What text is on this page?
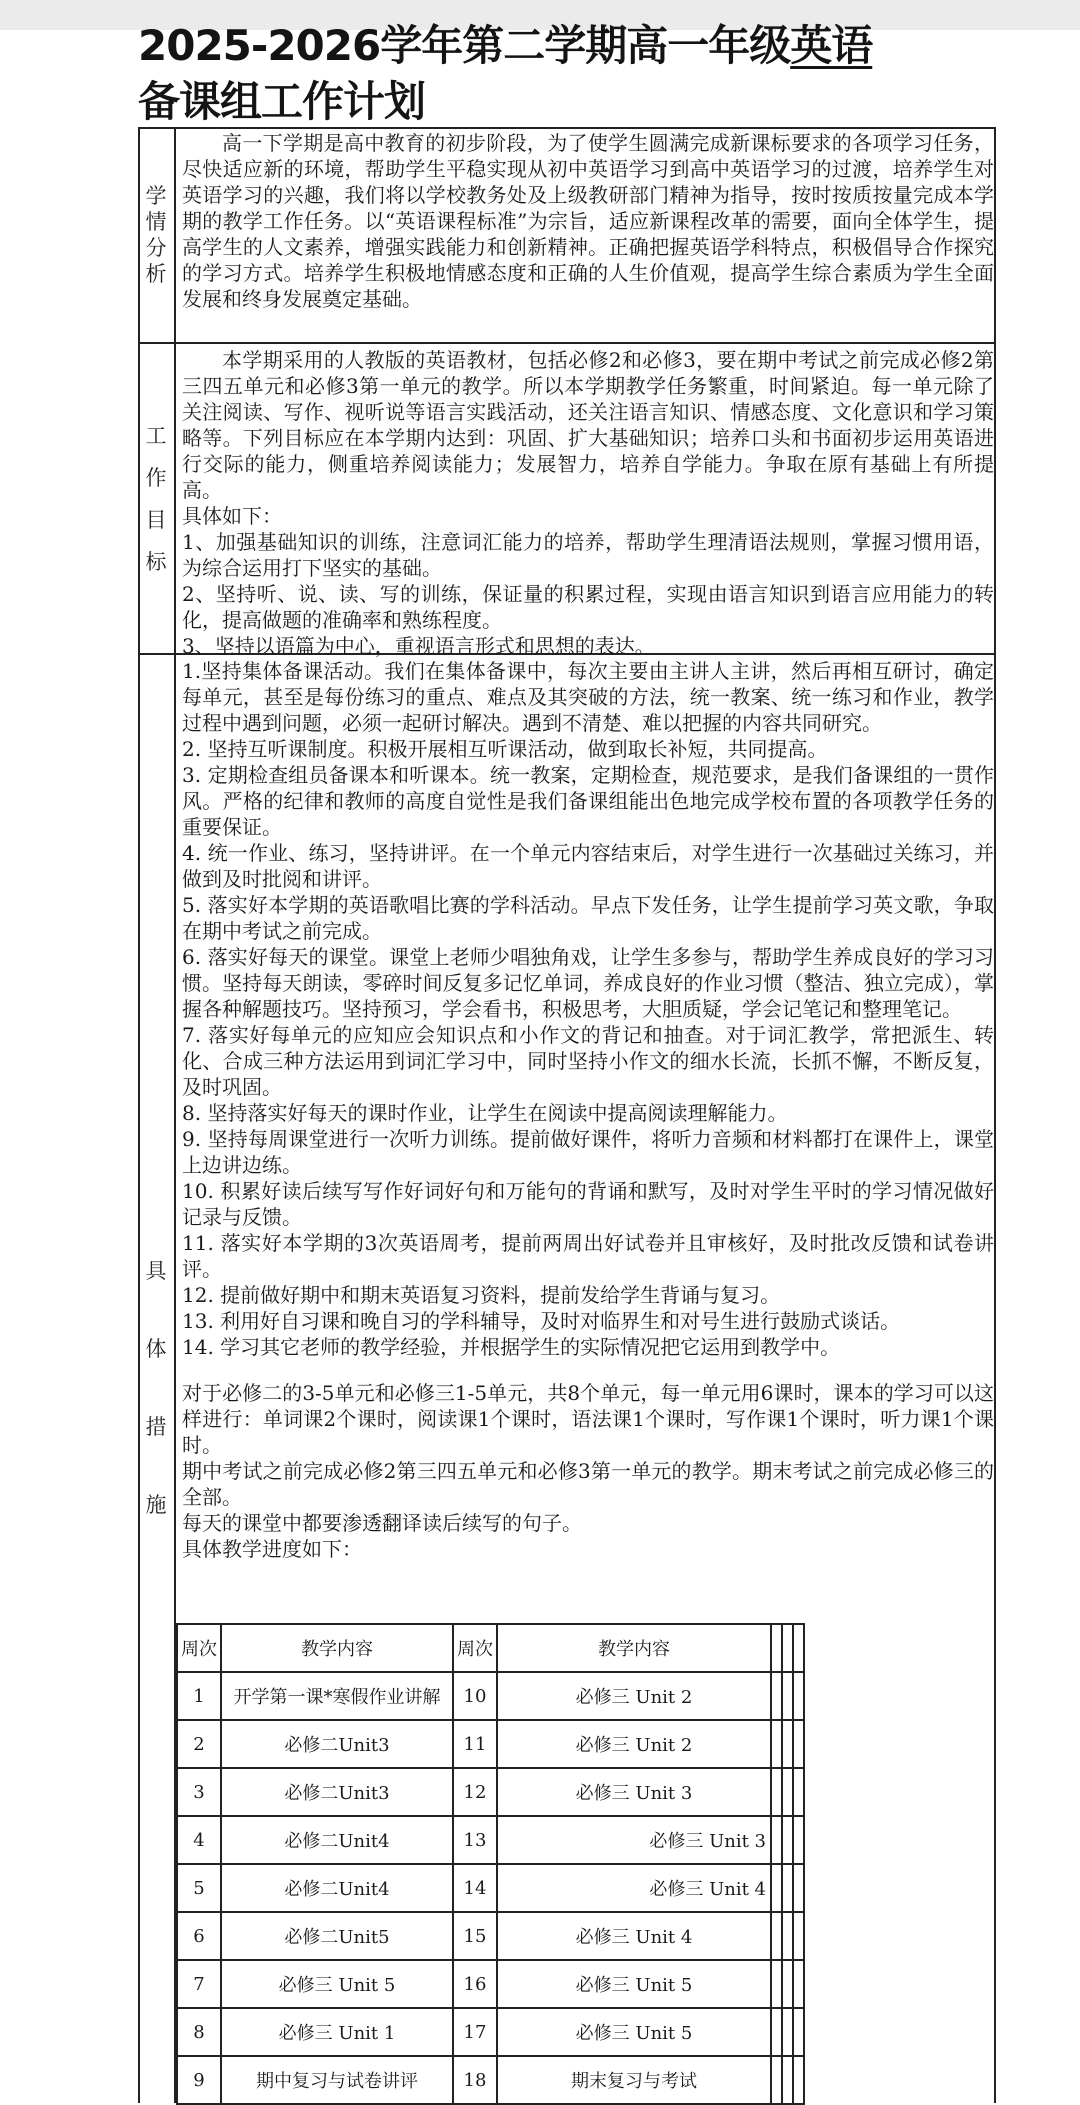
2025-2026学年第二学期高一年级英语
备课组工作计划
学
情
分
析

高一下学期是高中教育的初步阶段，为了使学生圆满完成新课标要求的各项学习任务，尽快适应新的环境，帮助学生平稳实现从初中英语学习到高中英语学习的过渡，培养学生对英语学习的兴趣，我们将以学校教务处及上级教研部门精神为指导，按时按质按量完成本学期的教学工作任务。以“英语课程标准”为宗旨，适应新课程改革的需要，面向全体学生，提高学生的人文素养，增强实践能力和创新精神。正确把握英语学科特点，积极倡导合作探究的学习方式。培养学生积极地情感态度和正确的人生价值观，提高学生综合素质为学生全面发展和终身发展奠定基础。

工
作
目
标

本学期采用的人教版的英语教材，包括必修2和必修3，要在期中考试之前完成必修2第三四五单元和必修3第一单元的教学。所以本学期教学任务繁重，时间紧迫。每一单元除了关注阅读、写作、视听说等语言实践活动，还关注语言知识、情感态度、文化意识和学习策略等。下列目标应在本学期内达到：巩固、扩大基础知识；培养口头和书面初步运用英语进行交际的能力，侧重培养阅读能力；发展智力，培养自学能力。争取在原有基础上有所提高。

具体如下：

1、加强基础知识的训练，注意词汇能力的培养，帮助学生理清语法规则，掌握习惯用语，为综合运用打下坚实的基础。

2、坚持听、说、读、写的训练，保证量的积累过程，实现由语言知识到语言应用能力的转化，提高做题的准确率和熟练程度。

3、坚持以语篇为中心，重视语言形式和思想的表达。

具
体
措
施

1.坚持集体备课活动。我们在集体备课中，每次主要由主讲人主讲，然后再相互研讨，确定每单元，甚至是每份练习的重点、难点及其突破的方法，统一教案、统一练习和作业，教学过程中遇到问题，必须一起研讨解决。遇到不清楚、难以把握的内容共同研究。

2. 坚持互听课制度。积极开展相互听课活动，做到取长补短，共同提高。

3. 定期检查组员备课本和听课本。统一教案，定期检查，规范要求，是我们备课组的一贯作风。严格的纪律和教师的高度自觉性是我们备课组能出色地完成学校布置的各项教学任务的重要保证。

4. 统一作业、练习，坚持讲评。在一个单元内容结束后，对学生进行一次基础过关练习，并做到及时批阅和讲评。

5. 落实好本学期的英语歌唱比赛的学科活动。早点下发任务，让学生提前学习英文歌，争取在期中考试之前完成。

6. 落实好每天的课堂。课堂上老师少唱独角戏，让学生多参与，帮助学生养成良好的学习习惯。坚持每天朗读，零碎时间反复多记忆单词，养成良好的作业习惯（整洁、独立完成），掌握各种解题技巧。坚持预习，学会看书，积极思考，大胆质疑，学会记笔记和整理笔记。

7. 落实好每单元的应知应会知识点和小作文的背记和抽查。对于词汇教学，常把派生、转化、合成三种方法运用到词汇学习中，同时坚持小作文的细水长流，长抓不懈，不断反复，及时巩固。

8. 坚持落实好每天的课时作业，让学生在阅读中提高阅读理解能力。

9. 坚持每周课堂进行一次听力训练。提前做好课件，将听力音频和材料都打在课件上，课堂上边讲边练。

10. 积累好读后续写写作好词好句和万能句的背诵和默写，及时对学生平时的学习情况做好记录与反馈。

11. 落实好本学期的3次英语周考，提前两周出好试卷并且审核好，及时批改反馈和试卷讲评。

12. 提前做好期中和期末英语复习资料，提前发给学生背诵与复习。

13. 利用好自习课和晚自习的学科辅导，及时对临界生和对号生进行鼓励式谈话。

14. 学习其它老师的教学经验，并根据学生的实际情况把它运用到教学中。

对于必修二的3-5单元和必修三1-5单元，共8个单元，每一单元用6课时，课本的学习可以这样进行：单词课2个课时，阅读课1个课时，语法课1个课时，写作课1个课时，听力课1个课时。

期中考试之前完成必修2第三四五单元和必修3第一单元的教学。期末考试之前完成必修三的全部。

每天的课堂中都要渗透翻译读后续写的句子。

具体教学进度如下：

周次	教学内容	周次	教学内容			
1	开学第一课*寒假作业讲解	10	必修三 Unit 2			
2	必修二Unit3	11	必修三 Unit 2			
3	必修二Unit3	12	必修三 Unit 3			
4	必修二Unit4	13	必修三 Unit 3			
5	必修二Unit4	14	必修三 Unit 4			
6	必修二Unit5	15	必修三 Unit 4			
7	必修三 Unit 5	16	必修三 Unit 5			
8	必修三 Unit 1	17	必修三 Unit 5			
9	期中复习与试卷讲评	18	期末复习与考试			
